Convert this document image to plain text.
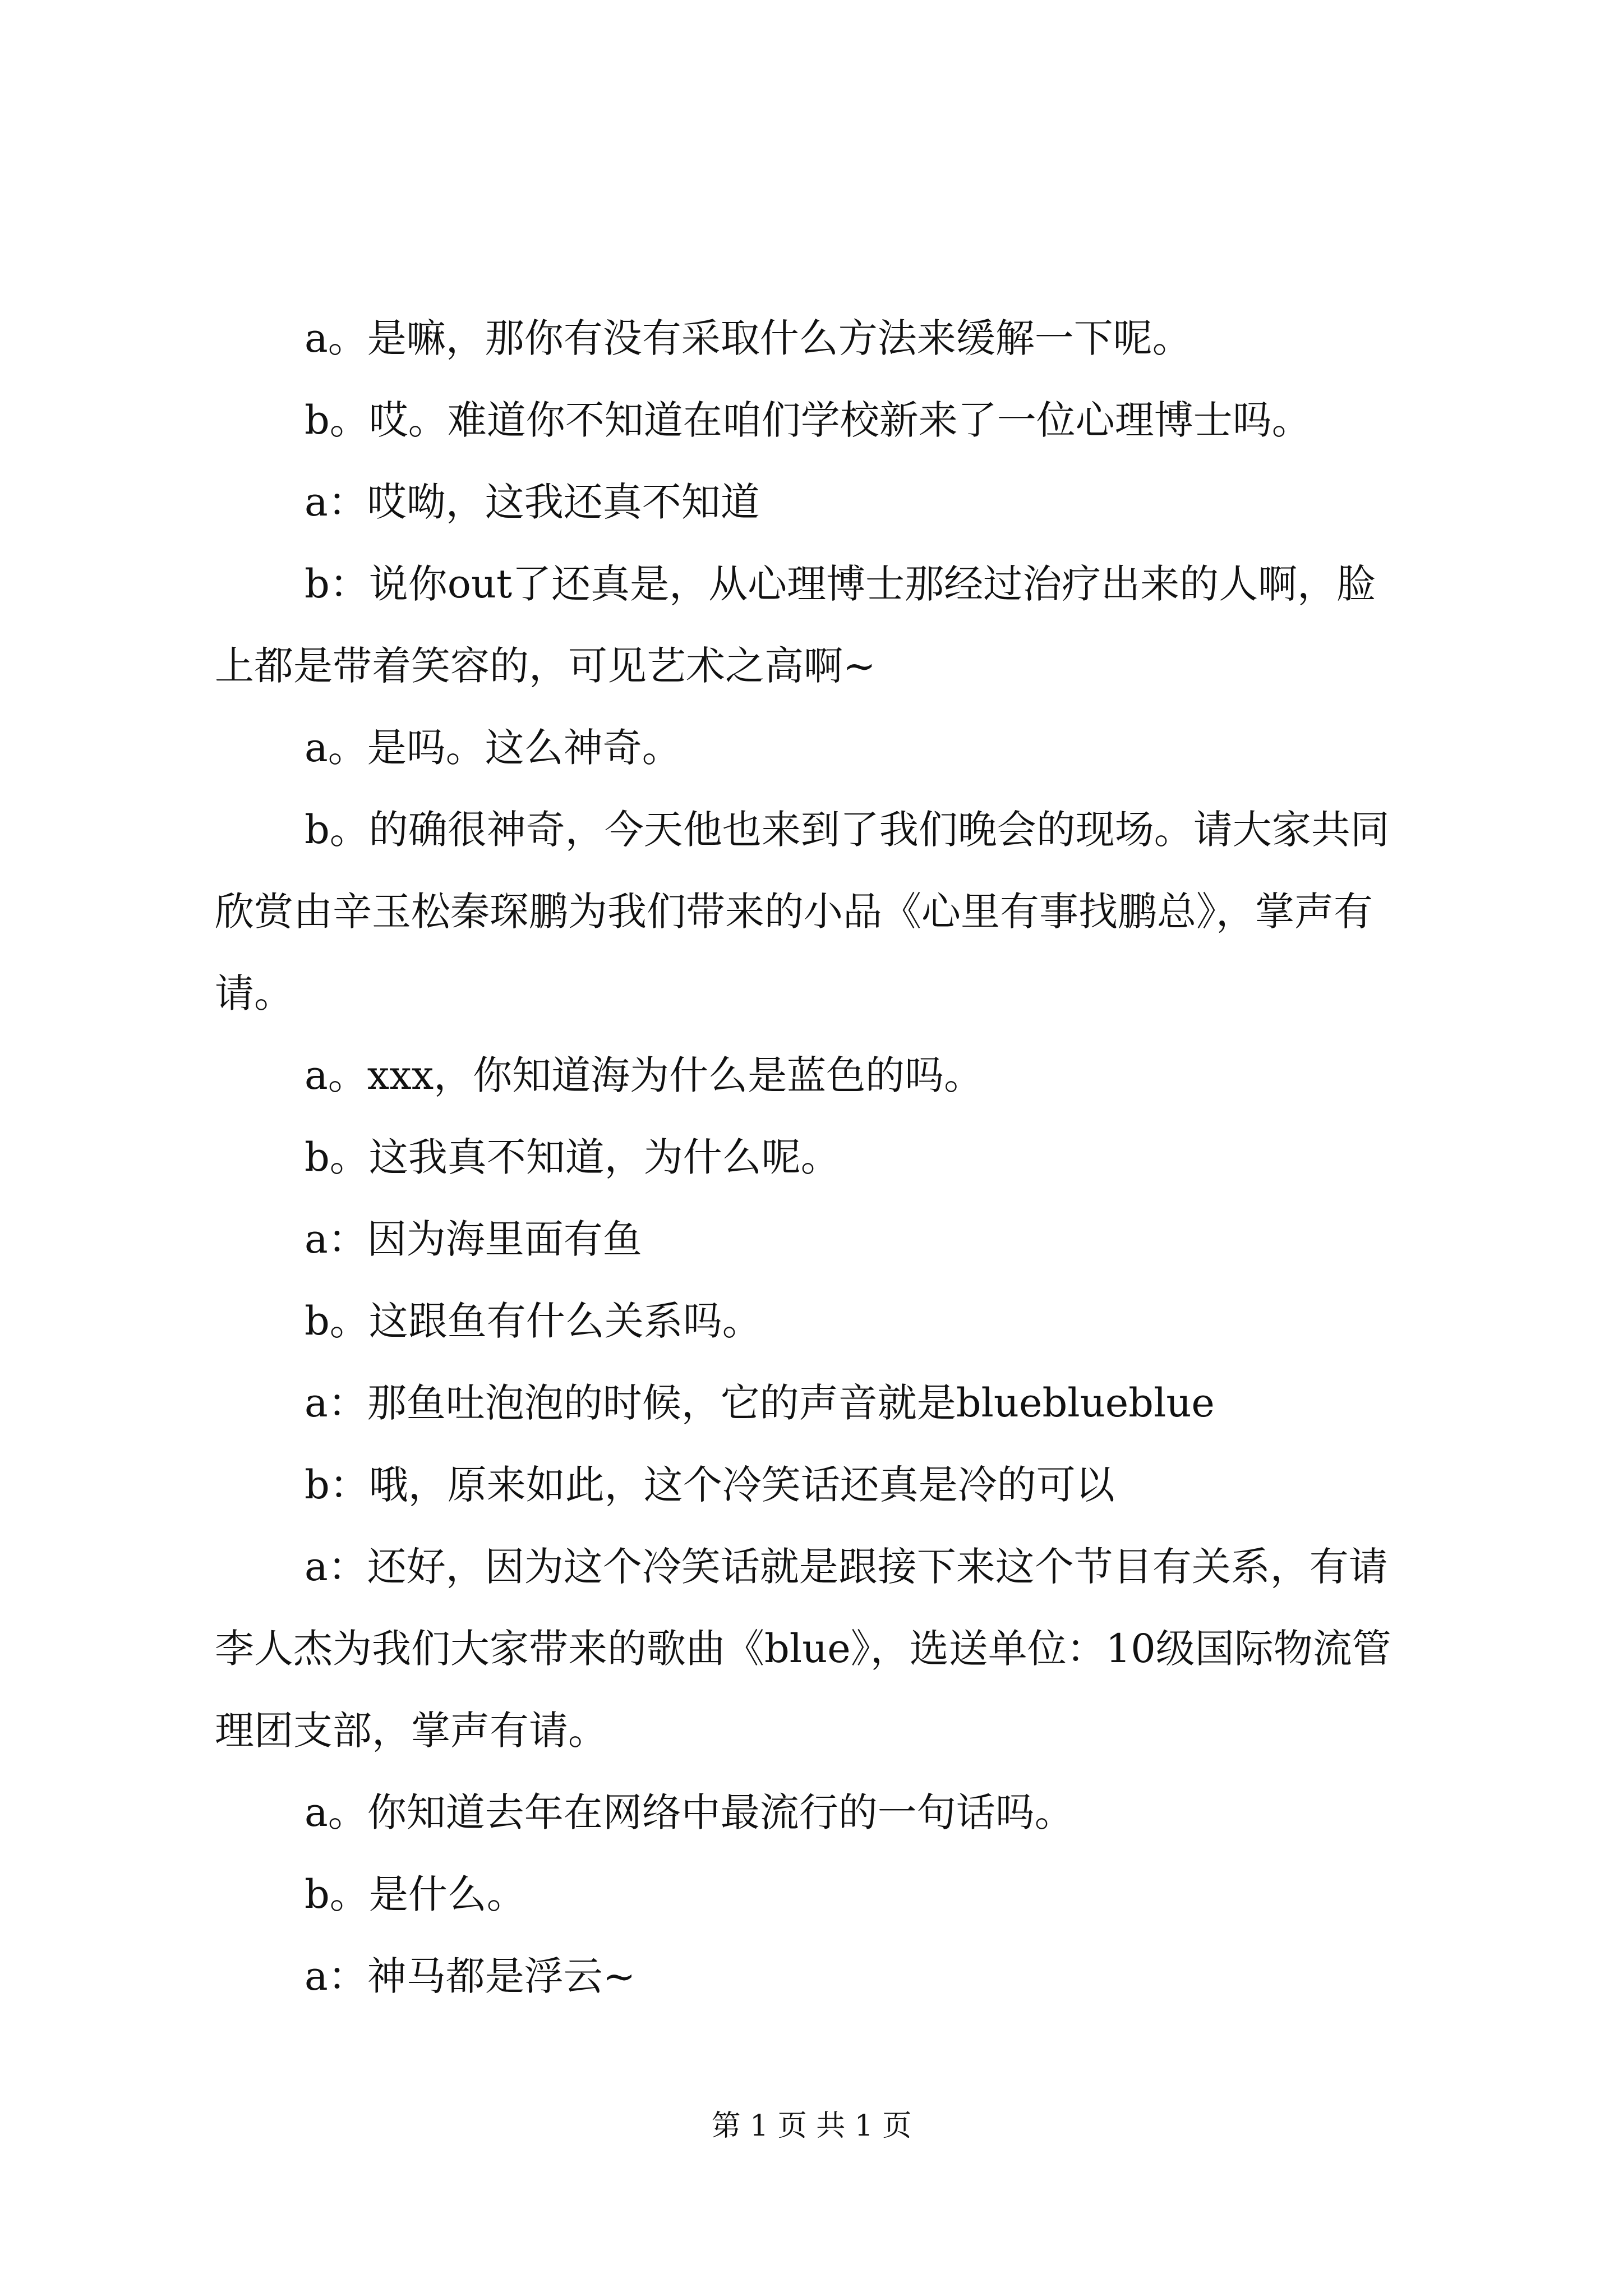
a。是嘛，那你有没有采取什么方法来缓解一下呢。

b。哎。难道你不知道在咱们学校新来了一位心理博士吗。

a：哎呦，这我还真不知道

b：说你out了还真是，从心理博士那经过治疗出来的人啊，脸上都是带着笑容的，可见艺术之高啊~

a。是吗。这么神奇。

b。的确很神奇，今天他也来到了我们晚会的现场。请大家共同欣赏由辛玉松秦琛鹏为我们带来的小品《心里有事找鹏总》，掌声有请。

a。xxx，你知道海为什么是蓝色的吗。

b。这我真不知道，为什么呢。

a：因为海里面有鱼

b。这跟鱼有什么关系吗。

a：那鱼吐泡泡的时候，它的声音就是blueblueblue

b：哦，原来如此，这个冷笑话还真是冷的可以

a：还好，因为这个冷笑话就是跟接下来这个节目有关系，有请李人杰为我们大家带来的歌曲《blue》，选送单位：10级国际物流管理团支部，掌声有请。

a。你知道去年在网络中最流行的一句话吗。

b。是什么。

a：神马都是浮云~

第 1 页 共 1 页
